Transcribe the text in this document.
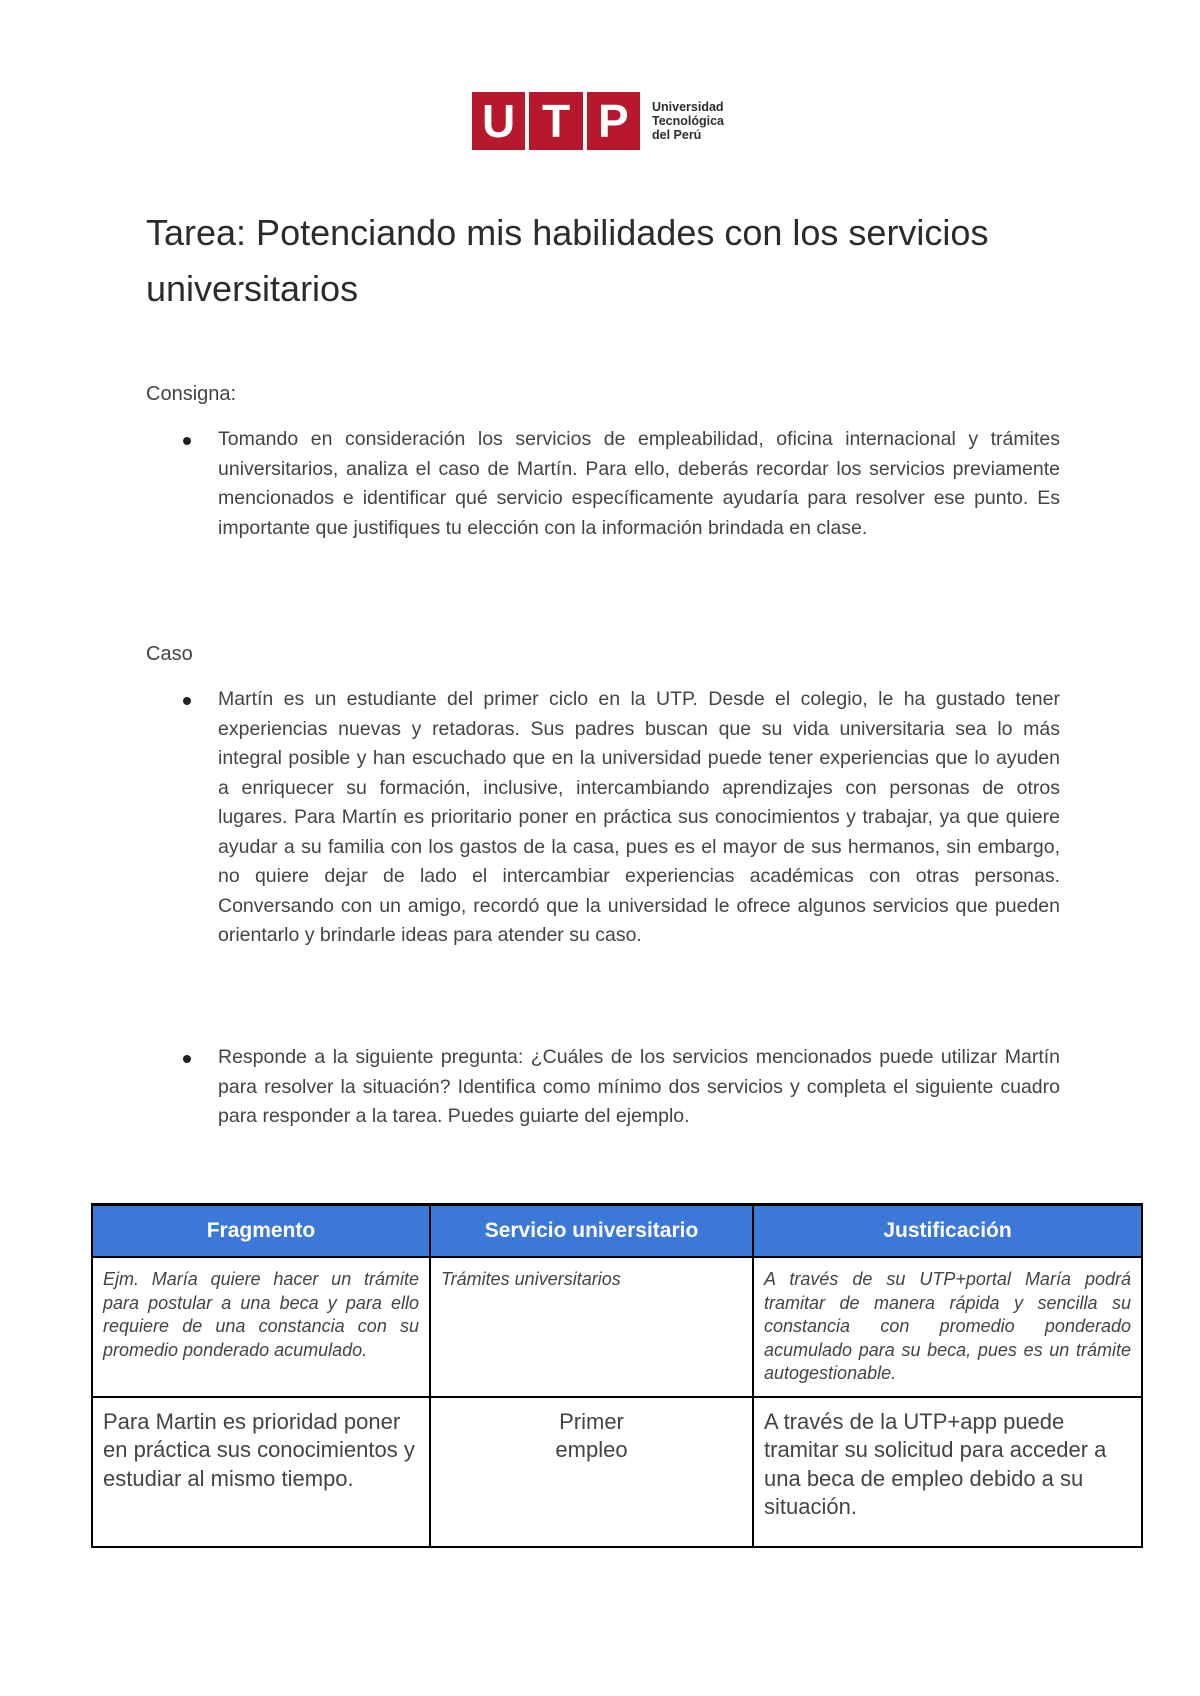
U T P	Universidad
Tecnológica
del Perú
Tarea: Potenciando mis habilidades con los servicios universitarios
Consigna:
Tomando en consideración los servicios de empleabilidad, oficina internacional y trámites universitarios, analiza el caso de Martín. Para ello, deberás recordar los servicios previamente mencionados e identificar qué servicio específicamente ayudaría para resolver ese punto. Es importante que justifiques tu elección con la información brindada en clase.
Caso
Martín es un estudiante del primer ciclo en la UTP. Desde el colegio, le ha gustado tener experiencias nuevas y retadoras. Sus padres buscan que su vida universitaria sea lo más integral posible y han escuchado que en la universidad puede tener experiencias que lo ayuden a enriquecer su formación, inclusive, intercambiando aprendizajes con personas de otros lugares. Para Martín es prioritario poner en práctica sus conocimientos y trabajar, ya que quiere ayudar a su familia con los gastos de la casa, pues es el mayor de sus hermanos, sin embargo, no quiere dejar de lado el intercambiar experiencias académicas con otras personas. Conversando con un amigo, recordó que la universidad le ofrece algunos servicios que pueden orientarlo y brindarle ideas para atender su caso.
Responde a la siguiente pregunta: ¿Cuáles de los servicios mencionados puede utilizar Martín para resolver la situación? Identifica como mínimo dos servicios y completa el siguiente cuadro para responder a la tarea. Puedes guiarte del ejemplo.
Fragmento	Servicio universitario	Justificación
Ejm. María quiere hacer un trámite para postular a una beca y para ello requiere de una constancia con su promedio ponderado acumulado.	Trámites universitarios	A través de su UTP+portal María podrá tramitar de manera rápida y sencilla su constancia con promedio ponderado acumulado para su beca, pues es un trámite autogestionable.
Para Martin es prioridad poner en práctica sus conocimientos y estudiar al mismo tiempo.	Primer empleo	A través de la UTP+app puede tramitar su solicitud para acceder a una beca de empleo debido a su situación.
